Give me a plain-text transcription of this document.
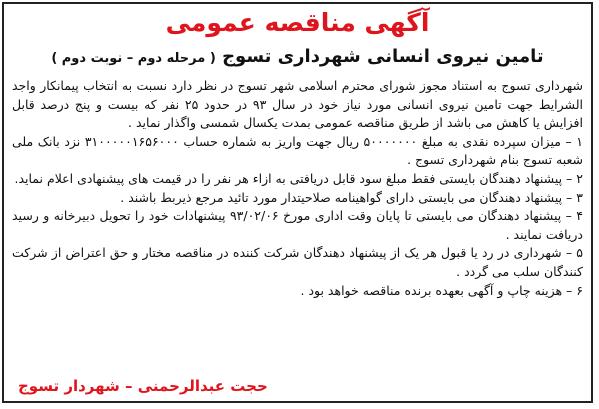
آگهی مناقصه عمومی
تامین نیروی انسانی شهرداری تسوج ( مرحله دوم – نوبت دوم )

شهرداری تسوج به استناد مجوز شورای محترم اسلامی شهر تسوج در نظر دارد نسبت به انتخاب پیمانکار واجد الشرایط جهت تامین نیروی انسانی مورد نیاز خود در سال ۹۳ در حدود ۲۵ نفر که بیست و پنج درصد قابل افزایش یا کاهش می باشد از طریق مناقصه عمومی بمدت یکسال شمسی واگذار نماید .

۱ – میزان سپرده نقدی به مبلغ ۵۰۰۰۰۰۰۰ ریال جهت واریز به شماره حساب ۳۱۰۰۰۰۰۱۶۵۶۰۰۰ نزد بانک ملی شعبه تسوج بنام شهرداری تسوج .

۲ – پیشنهاد دهندگان بایستی فقط مبلغ سود قابل دریافتی به ازاء هر نفر را در قیمت های پیشنهادی اعلام نماید.

۳ – پیشنهاد دهندگان می بایستی دارای گواهینامه صلاحیتدار مورد تائید مرجع ذیربط باشند .

۴ – پیشنهاد دهندگان می بایستی تا پایان وقت اداری مورخ ۹۳/۰۲/۰۶ پیشنهادات خود را تحویل دبیرخانه و رسید دریافت نمایند .

۵ – شهرداری در رد یا قبول هر یک از پیشنهاد دهندگان شرکت کننده در مناقصه مختار و حق اعتراض از شرکت کنندگان سلب می گردد .

۶ – هزینه چاپ و آگهی بعهده برنده مناقصه خواهد بود .

حجت عبدالرحمنی – شهردار تسوج
